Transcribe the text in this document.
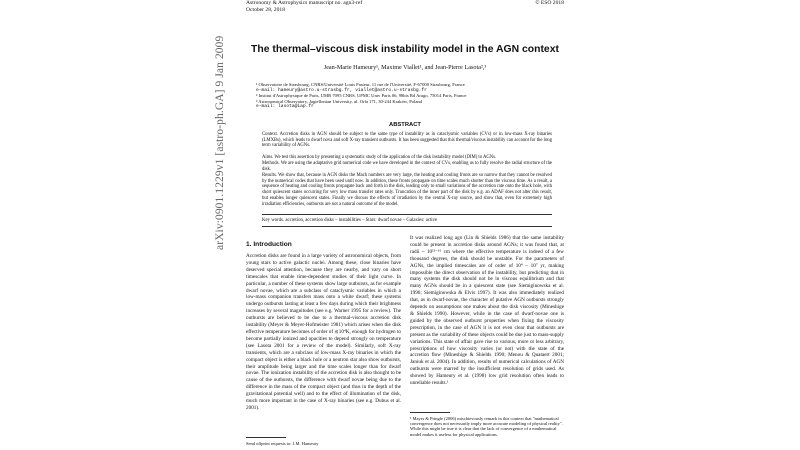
arXiv:0901.1229v1 [astro-ph.GA] 9 Jan 2009
Astronomy & Astrophysics manuscript no. agn3-ref
October 28, 2018
© ESO 2018
The thermal–viscous disk instability model in the AGN context
Jean-Marie Hameury¹, Maxime Viallet¹, and Jean-Pierre Lasota²,³
¹ Observatoire de Strasbourg, CNRS/Université Louis Pasteur, 11 rue de l'Université, F-67000 Strasbourg, France
e-mail: hameury@astro.u-strasbg.fr, viallet@astro.u-strasbg.fr
² Institut d'Astrophysique de Paris, UMR 7095 CNRS, UPMC Univ Paris 06, 98bis Bd Arago, 75014 Paris, France
³ Astronomical Observatory, Jagiellonian University, ul. Orla 171, 30-244 Kraków, Poland
e-mail: lasota@iap.fr
ABSTRACT
Context. Accretion disks in AGN should be subject to the same type of instability as in cataclysmic variables (CVs) or in low-mass X-ray binaries (LMXBs), which leads to dwarf nova and soft X-ray transient outbursts. It has been suggested that this thermal/viscous instability can account for the long term variability of AGNs.
Aims. We test this assertion by presenting a systematic study of the application of the disk instability model (DIM) to AGNs.
Methods. We are using the adaptative grid numerical code we have developed in the context of CVs, enabling us to fully resolve the radial structure of the disk.
Results. We show that, because in AGN disks the Mach numbers are very large, the heating and cooling fronts are so narrow that they cannot be resolved by the numerical codes that have been used until now. In addition, these fronts propagate on time scales much shorter than the viscous time. As a result, a sequence of heating and cooling fronts propagate back and forth in the disk, leading only to small variations of the accretion rate onto the black hole, with short quiescent states occurring for very low mass transfer rates only. Truncation of the inner part of the disk by e.g. an ADAF does not alter this result, but enables longer quiescent states. Finally we discuss the effects of irradiation by the central X-ray source, and show that, even for extremely high irradiation efficiencies, outbursts are not a natural outcome of the model.
Key words. accretion, accretion disks – instabilities – Stars: dwarf novae – Galaxies: active
1. Introduction
Accretion disks are found in a large variety of astronomical objects, from young stars to active galactic nuclei. Among these, close binaries have deserved special attention, because they are nearby, and vary on short timescales that enable time-dependent studies of their light curve. In particular, a number of these systems show large outbursts, as for example dwarf novae, which are a subclass of cataclysmic variables in which a low-mass companion transfers mass onto a white dwarf; these systems undergo outbursts lasting at least a few days during which their brightness increases by several magnitudes (see e.g. Warner 1995 for a review). The outbursts are believed to be due to a thermal-viscous accretion disk instability (Meyer & Meyer-Hofmeister 1981) which arises when the disk effective temperature becomes of order of ≲10⁴K, enough for hydrogen to become partially ionized and opacities to depend strongly on temperature (see Lasota 2001 for a review of the model). Similarly, soft X-ray transients, which are a subclass of low-mass X-ray binaries in which the compact object is either a black hole or a neutron star also show outbursts, their amplitude being larger and the time scales longer than for dwarf novae. The ionization instability of the accretion disk is also thought to be cause of the outbursts, the difference with dwarf novae being due to the difference in the mass of the compact object (and thus in the depth of the gravitational potential well) and to the effect of illumination of the disk, much more important in the case of X-ray binaries (see e.g. Dubus et al. 2001).
Send offprint requests to: J.M. Hameury
It was realized long ago (Lin & Shields 1986) that the same instability could be present in accretion disks around AGNs; it was found that, at radii ~ 10¹³⁻¹⁶ cm where the effective temperature is indeed of a few thousand degrees, the disk should be unstable. For the parameters of AGNs, the implied timescales are of order of 10⁴ – 10⁷ yr, making impossible the direct observation of the instability, but predicting that in many systems the disk should not be in viscous equilibrium and that many AGNs should be in a quiescent state (see Siemiginowska et al. 1996; Siemiginowska & Elvis 1997). It was also immediately realized that, as in dwarf-novae, the character of putative AGN outbursts strongly depends on assumptions one makes about the disk viscosity (Mineshige & Shields 1990). However, while in the case of dwarf-novae one is guided by the observed outburst properties when fixing the viscosity prescription, in the case of AGN it is not even clear that outbursts are present as the variability of these objects could be due just to mass-supply variations. This state of affair gave rise to various, more or less arbitrary, prescriptions of how viscosity varies (or not) with the state of the accretion flow (Mineshige & Shields 1990; Menou & Quataert 2001; Janiuk et al. 2004). In addition, results of numerical calculations of AGN outbursts were marred by the insufficient resolution of grids used. As showed by Hameury et al. (1998) low grid resolution often leads to unreliable results.¹
¹ Mayer & Pringle (2006) mischievously remark in this context that "mathematical convergence does not necessarily imply more accurate modeling of physical reality". While this might be true it is clear that the lack of convergence of a mathematical model makes it useless for physical applications.
